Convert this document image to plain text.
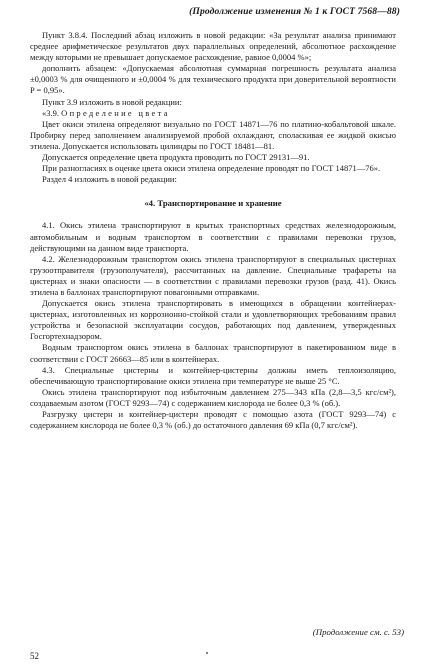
(Продолжение изменения № 1 к ГОСТ 7568—88)

Пункт 3.8.4. Последний абзац изложить в новой редакции: «За результат анализа принимают среднее арифметическое результатов двух параллельных определений, абсолютное расхождение между которыми не превышает допускаемое расхождение, равное 0,0004 %»;

дополнить абзацем: «Допускаемая абсолютная суммарная погрешность результата анализа ±0,0003 % для очищенного и ±0,0004 % для технического продукта при доверительной вероятности P = 0,95».

Пункт 3.9 изложить в новой редакции:

«3.9. Определение цвета

Цвет окиси этилена определяют визуально по ГОСТ 14871—76 по платино-кобальтовой шкале. Пробирку перед заполнением анализируемой пробой охлаждают, споласкивая ее жидкой окисью этилена. Допускается использовать цилиндры по ГОСТ 18481—81.

Допускается определение цвета продукта проводить по ГОСТ 29131—91.

При разногласиях в оценке цвета окиси этилена определение проводят по ГОСТ 14871—76».

Раздел 4 изложить в новой редакции:

«4. Транспортирование и хранение

4.1. Окись этилена транспортируют в крытых транспортных средствах железнодорожным, автомобильным и водным транспортом в соответствии с правилами перевозки грузов, действующими на данном виде транспорта.

4.2. Железнодорожным транспортом окись этилена транспортируют в специальных цистернах грузоотправителя (грузополучателя), рассчитанных на давление. Специальные трафареты на цистернах и знаки опасности — в соответствии с правилами перевозки грузов (разд. 41). Окись этилена в баллонах транспортируют повагонными отправками.

Допускается окись этилена транспортировать в имеющихся в обращении контейнерах-цистернах, изготовленных из коррозионно-стойкой стали и удовлетворяющих требованиям правил устройства и безопасной эксплуатации сосудов, работающих под давлением, утвержденных Госгортехнадзором.

Водным транспортом окись этилена в баллонах транспортируют в пакетированном виде в соответствии с ГОСТ 26663—85 или в контейнерах.

4.3. Специальные цистерны и контейнер-цистерны должны иметь теплоизоляцию, обеспечивающую транспортирование окиси этилена при температуре не выше 25 °С.

Окись этилена транспортируют под избыточным давлением 275—343 кПа (2,8—3,5 кгс/см²), создаваемым азотом (ГОСТ 9293—74) с содержанием кислорода не более 0,3 % (об.).

Разгрузку цистерн и контейнер-цистерн проводят с помощью азота (ГОСТ 9293—74) с содержанием кислорода не более 0,3 % (об.) до остаточного давления 69 кПа (0,7 кгс/см²).

(Продолжение см. с. 53)
52
